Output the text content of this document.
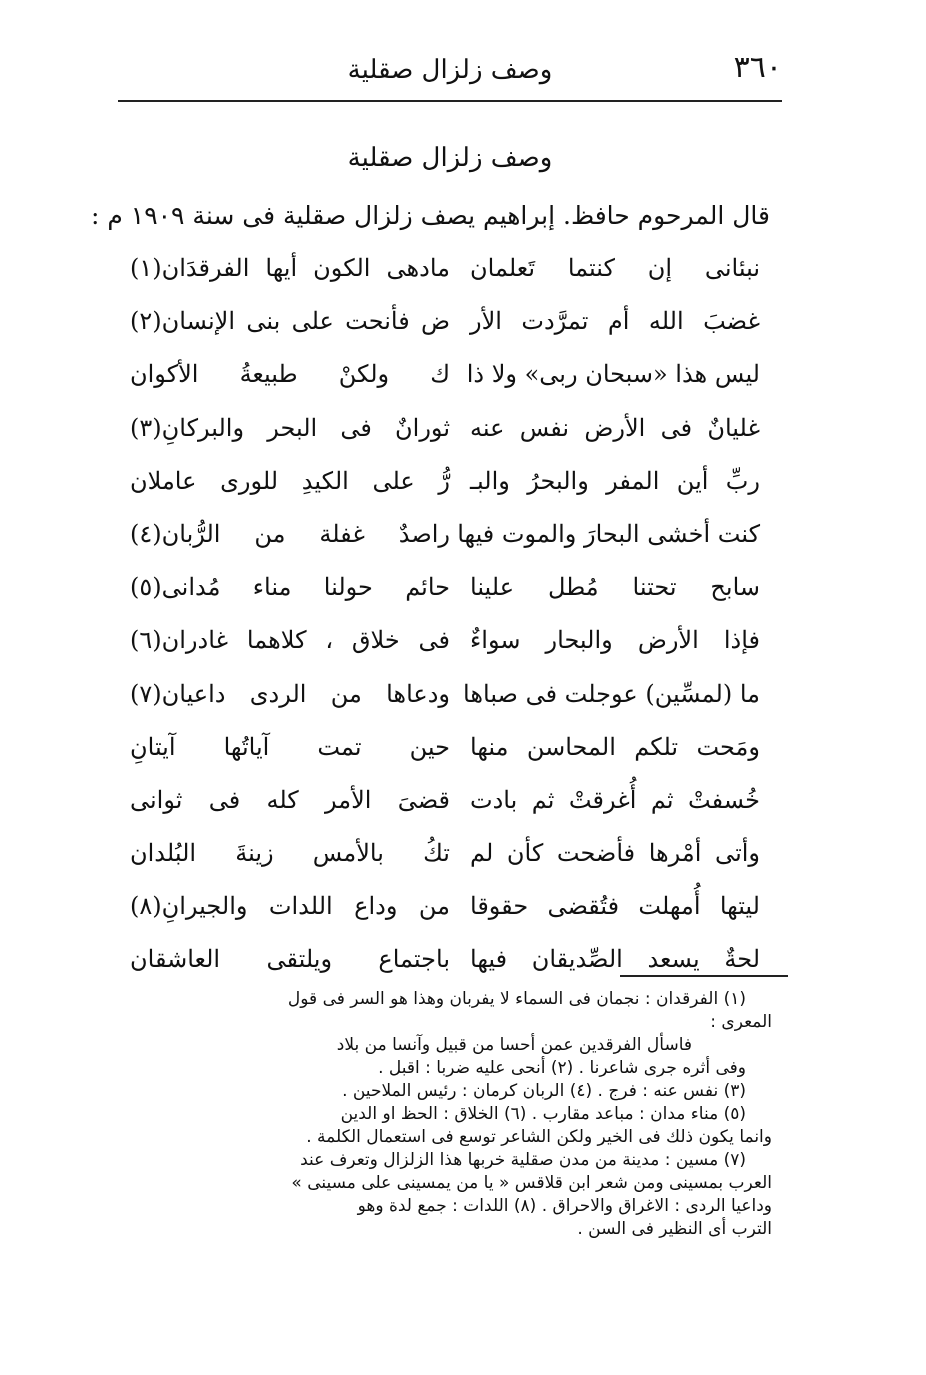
٣٦٠
وصف زلزال صقلية
وصف زلزال صقلية
قال المرحوم حافظ. إبراهيم يصف زلزال صقلية فى سنة ١٩٠٩ م :
نبئانى إن كنتما تَعلمان
مادهى الكون أيها الفرقدَان(١)
غضبَ الله أم تمرَّدت الأر
ض فأنحت على بنى الإنسان(٢)
ليس هذا «سبحان ربى» ولا ذا
ك ولكنْ طبيعةُ الأكوان
غليانٌ فى الأرض نفس عنه
ثورانٌ فى البحر والبركانِ(٣)
ربِّ أين المفر والبحرُ والبـ
رُّ على الكيدِ للورى عاملان
كنت أخشى البحارَ والموت فيها
راصدٌ غفلة من الرُّبان(٤)
سابح تحتنا مُطل علينا
حائم حولنا مناء مُدانى(٥)
فإذا الأرض والبحار سواءٌ
فى خلاق ، كلاهما غادران(٦)
ما (لمسِّين) عوجلت فى صباها
ودعاها من الردى داعيان(٧)
ومَحت تلكم المحاسن منها
حين تمت آياتُها آيتانِ
خُسفتْ ثم أُغرقتْ ثم بادت
قضىَ الأمر كله فى ثوانى
وأتى أمْرها فأضحت كأن لم
تكُ بالأمس زينةَ البُلدان
ليتها أُمهلت فتُقضى حقوقا
من وداع اللدات والجيرانِ(٨)
لحةٌ يسعد الصِّديقان فيها
باجتماع ويلتقى العاشقان
(١) الفرقدان : نجمان فى السماء لا يفربان وهذا هو السر فى قول
المعرى :
فاسأل الفرقدين عمن أحسا من قبيل وآنسا من بلاد
وفى أثره جرى شاعرنا . (٢) أنحى عليه ضربا : اقبل .
(٣) نفس عنه : فرج . (٤) الربان كرمان : رئيس الملاحين .
(٥) مناء مدان : مباعد مقارب . (٦) الخلاق : الحظ او الدين
وانما يكون ذلك فى الخير ولكن الشاعر توسع فى استعمال الكلمة .
(٧) مسين : مدينة من مدن صقلية خربها هذا الزلزال وتعرف عند
العرب بمسينى ومن شعر ابن قلاقس « يا من يمسينى على مسينى »
وداعيا الردى : الاغراق والاحراق . (٨) اللدات : جمع لدة وهو
الترب أى النظير فى السن .
